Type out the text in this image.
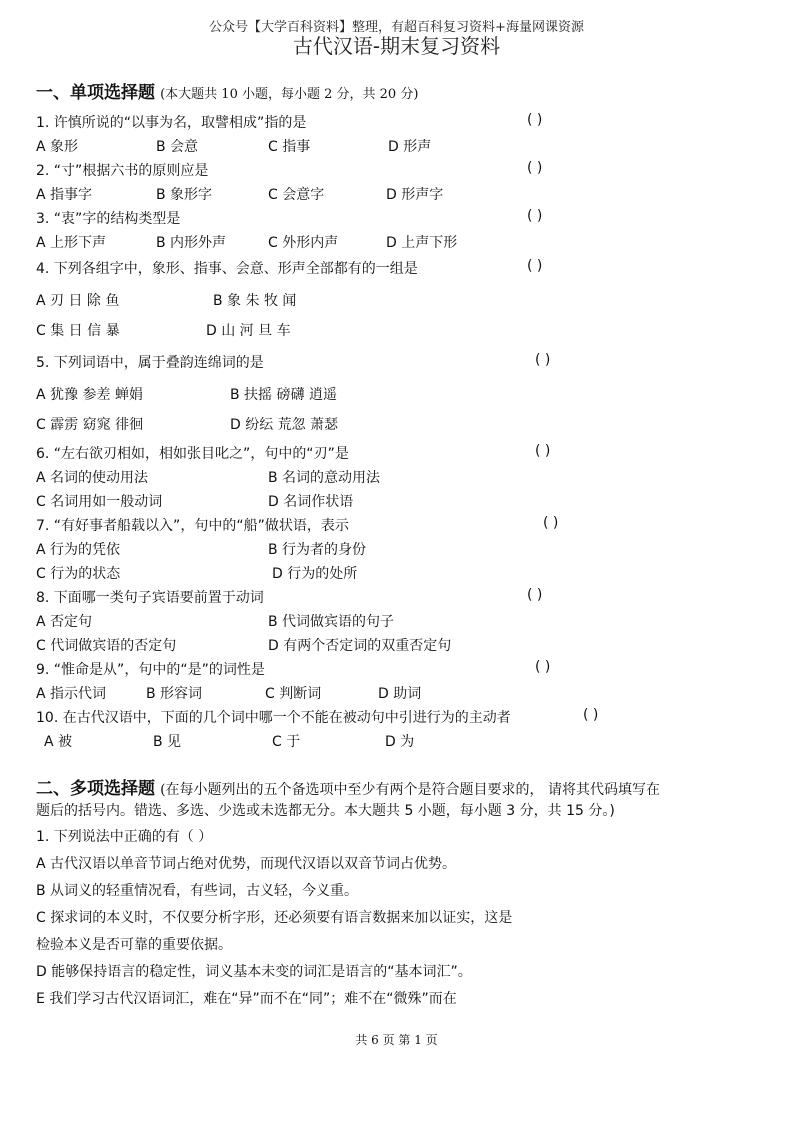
公众号【大学百科资料】整理，有超百科复习资料+海量网课资源
古代汉语-期末复习资料
一、单项选择题 (本大题共 10 小题，每小题 2 分，共 20 分)
1. 许慎所说的“以事为名，取譬相成”指的是	( )
A 象形	B 会意	C 指事	D 形声
2. “寸”根据六书的原则应是	( )
A 指事字	B 象形字	C 会意字	D 形声字
3. “衷”字的结构类型是	( )
A 上形下声	B 内形外声	C 外形内声	D 上声下形
4. 下列各组字中，象形、指事、会意、形声全部都有的一组是	( )
A 刃 日 除 鱼	B 象 朱 牧 闻
C 集 日 信 暴	D 山 河 旦 车
5. 下列词语中，属于叠韵连绵词的是	( )
A 犹豫 参差 蝉娟	B 扶摇 磅礴 逍遥
C 霹雳 窈窕 徘徊	D 纷纭 荒忽 萧瑟
6. “左右欲刃相如，相如张目叱之”，句中的“刃”是	( )
A 名词的使动用法	B 名词的意动用法
C 名词用如一般动词	D 名词作状语
7. “有好事者船载以入”，句中的“船”做状语，表示	( )
A 行为的凭依	B 行为者的身份
C 行为的状态	D 行为的处所
8. 下面哪一类句子宾语要前置于动词	( )
A 否定句	B 代词做宾语的句子
C 代词做宾语的否定句	D 有两个否定词的双重否定句
9. “惟命是从”，句中的“是”的词性是	( )
A 指示代词	B 形容词	C 判断词	D 助词
10. 在古代汉语中，下面的几个词中哪一个不能在被动句中引进行为的主动者	( )
A 被	B 见	C 于	D 为
二、多项选择题 (在每小题列出的五个备选项中至少有两个是符合题目要求的， 请将其代码填写在
题后的括号内。错选、多选、少选或未选都无分。本大题共 5 小题，每小题 3 分，共 15 分。)
1. 下列说法中正确的有（ ）
A 古代汉语以单音节词占绝对优势，而现代汉语以双音节词占优势。
B 从词义的轻重情况看，有些词，古义轻，今义重。
C 探求词的本义时，不仅要分析字形，还必须要有语言数据来加以证实，这是
检验本义是否可靠的重要依据。
D 能够保持语言的稳定性，词义基本未变的词汇是语言的“基本词汇”。
E 我们学习古代汉语词汇，难在“异”而不在“同”；难不在“微殊”而在
共 6 页 第 1 页
